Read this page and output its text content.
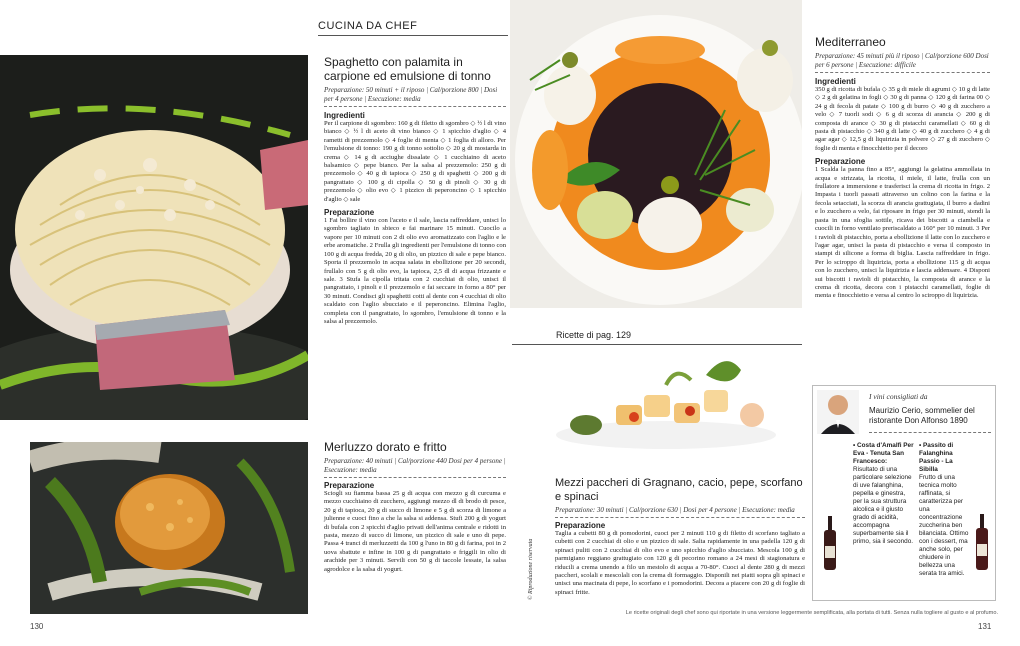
CUCINA DA CHEF
Spaghetto con palamita in carpione ed emulsione di tonno
Preparazione: 50 minuti + il riposo | Cal/porzione 800 | Dosi per 4 persone | Esecuzione: media
Ingredienti
Per il carpione di sgombro: 160 g di filetto di sgombro ◇ ½ l di vino bianco ◇ ½ l di aceto di vino bianco ◇ 1 spicchio d'aglio ◇ 4 rametti di prezzemolo ◇ 4 foglie di menta ◇ 1 foglia di alloro. Per l'emulsione di tonno: 190 g di tonno sottolio ◇ 20 g di mostarda in crema ◇ 14 g di acciughe dissalate ◇ 1 cucchiaino di aceto balsamico ◇ pepe bianco. Per la salsa al prezzemolo: 250 g di prezzemolo ◇ 40 g di tapioca ◇ 250 g di spaghetti ◇ 200 g di pangrattato ◇ 100 g di cipolla ◇ 50 g di pinoli ◇ 30 g di prezzemolo ◇ olio evo ◇ 1 pizzico di peperoncino ◇ 1 spicchio d'aglio ◇ sale
Preparazione
1 Fai bollire il vino con l'aceto e il sale, lascia raffreddare, unisci lo sgombro tagliato in sbieco e fai marinare 15 minuti. Cuocilo a vapore per 10 minuti con 2 di olio evo aromatizzato con l'aglio e le erbe aromatiche. 2 Frulla gli ingredienti per l'emulsione di tonno con 100 g di acqua fredda, 20 g di olio, un pizzico di sale e pepe bianco. Sporta il prezzemolo in acqua salata in ebollizione per 20 secondi, frullalo con 5 g di olio evo, la tapioca, 2,5 dl di acqua frizzante e sale. 3 Stufa la cipolla tritata con 2 cucchiai di olio, unisci il pangrattato, i pinoli e il prezzemolo e fai seccare in forno a 80° per 30 minuti. Condisci gli spaghetti cotti al dente con 4 cucchiai di olio scaldato con l'aglio sbucciato e il peperoncino. Elimina l'aglio, completa con il pangrattato, lo sgombro, l'emulsione di tonno e la salsa al prezzemolo.
Merluzzo dorato e fritto
Preparazione: 40 minuti | Cal/porzione 440 Dosi per 4 persone | Esecuzione: media
Preparazione
Sciogli su fiamma bassa 25 g di acqua con mezzo g di curcuma e mezzo cucchiaino di zucchero, aggiungi mezzo dl di brodo di pesce, 20 g di tapioca, 20 g di succo di limone e 5 g di scorza di limone a julienne e cuoci fino a che la salsa si addensa. Stufi 200 g di yogurt di bufala con 2 spicchi d'aglio privati dell'anima centrale e ridotti in pasta, mezzo di succo di limone, un pizzico di sale e uno di pepe. Passa 4 tranci di merluzzetti da 100 g l'uno in 80 g di farina, poi in 2 uova sbattute e infine in 100 g di pangrattato e friggili in olio di arachide per 3 minuti. Servili con 50 g di taccole lessate, la salsa agrodolce e la salsa di yogurt.
130
Mediterraneo
Preparazione: 45 minuti più il riposo | Cal/porzione 600 Dosi per 6 persone | Esecuzione: difficile
Ingredienti
350 g di ricotta di bufala ◇ 35 g di miele di agrumi ◇ 10 g di latte ◇ 2 g di gelatina in fogli ◇ 30 g di panna ◇ 120 g di farina 00 ◇ 24 g di fecola di patate ◇ 100 g di burro ◇ 40 g di zucchero a velo ◇ 7 tuorli sodi ◇ 6 g di scorza di arancia ◇ 200 g di composta di arance ◇ 30 g di pistacchi caramellati ◇ 60 g di pasta di pistacchio ◇ 340 g di latte ◇ 40 g di zucchero ◇ 4 g di agar agar ◇ 12,5 g di liquirizia in polvere ◇ 27 g di zucchero ◇ foglie di menta e finocchietto per il decoro
Preparazione
1 Scalda la panna fino a 85°, aggiungi la gelatina ammollata in acqua e strizzata, la ricotta, il miele, il latte, frulla con un frullatore a immersione e trasferisci la crema di ricotta in frigo. 2 Impasta i tuorli passati attraverso un colino con la farina e la fecola setacciati, la scorza di arancia grattugiata, il burro a dadini e lo zucchero a velo, fai riposare in frigo per 30 minuti, stendi la pasta in una sfoglia sottile, ricava dei biscotti a ciambella e cuocili in forno ventilato preriscaldato a 160° per 10 minuti. 3 Per i ravioli di pistacchio, porta a ebollizione il latte con lo zucchero e l'agar agar, unisci la pasta di pistacchio e versa il composto in stampi di silicone a forma di biglia. Lascia raffreddare in frigo. Per lo sciroppo di liquirizia, porta a ebollizione 115 g di acqua con lo zucchero, unisci la liquirizia e lascia addensare. 4 Disponi sui biscotti i ravioli di pistacchio, la composta di arance e la crema di ricotta, decora con i pistacchi caramellati, foglie di menta e finocchietto e versa al centro lo sciroppo di liquirizia.
Ricette di pag. 129
© Riproduzione riservata
Mezzi paccheri di Gragnano, cacio, pepe, scorfano e spinaci
Preparazione: 30 minuti | Cal/porzione 630 | Dosi per 4 persone | Esecuzione: media
Preparazione
Taglia a cubetti 80 g di pomodorini, cuoci per 2 minuti 110 g di filetto di scorfano tagliato a cubetti con 2 cucchiai di olio e un pizzico di sale. Salta rapidamente in una padella 120 g di spinaci puliti con 2 cucchiai di olio evo e uno spicchio d'aglio sbucciato. Mescola 100 g di parmigiano reggiano grattugiato con 120 g di pecorino romano a 24 mesi di stagionatura e riducili a crema unendo a filo un mestolo di acqua a 70-80°. Cuoci al dente 280 g di mezzi paccheri, scolali e mescolali con la crema di formaggio. Disponili nei piatti sopra gli spinaci e unisci una macinata di pepe, lo scorfano e i pomodorini. Decora a piacere con 20 g di foglie di spinaci fritte.
I vini consigliati da
Maurizio Cerio, sommelier del ristorante Don Alfonso 1890
• Costa d'Amalfi Per Eva - Tenuta San Francesco:
Risultato di una particolare selezione di uve falanghina, pepella e ginestra, per la sua struttura alcolica e il giusto grado di acidità, accompagna superbamente sia il primo, sia il secondo.
• Passito di Falanghina Passio - La Sibilla
Frutto di una tecnica molto raffinata, si caratterizza per una concentrazione zuccherina ben bilanciata. Ottimo con i dessert, ma anche solo, per chiudere in bellezza una serata tra amici.
Le ricette originali degli chef sono qui riportate in una versione leggermente semplificata, alla portata di tutti. Senza nulla togliere al gusto e al profumo.
131
